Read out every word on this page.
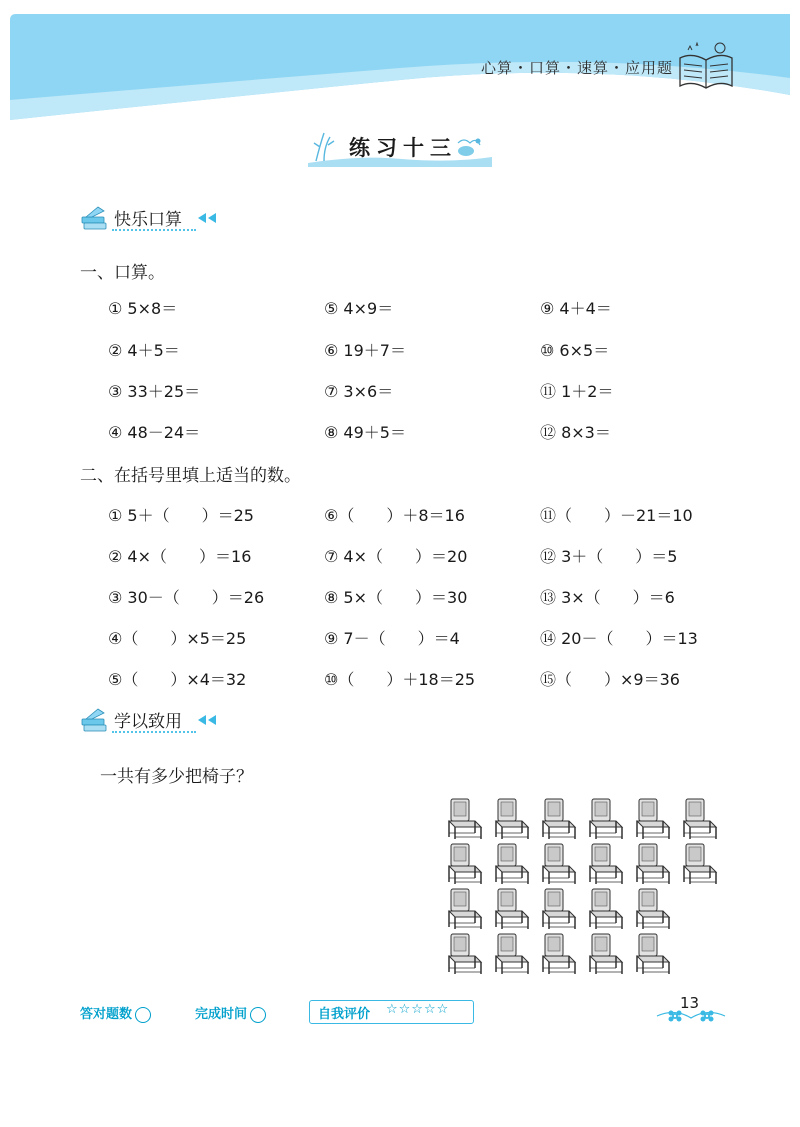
心算・口算・速算・应用题
练习十三
快乐口算
一、口算。
① 5×8＝	⑤ 4×9＝	⑨ 4＋4＝
② 4＋5＝	⑥ 19＋7＝	⑩ 6×5＝
③ 33＋25＝	⑦ 3×6＝	⑪ 1＋2＝
④ 48－24＝	⑧ 49＋5＝	⑫ 8×3＝
二、在括号里填上适当的数。
① 5＋（　　）＝25	⑥（　　）＋8＝16	⑪（　　）－21＝10
② 4×（　　）＝16	⑦ 4×（　　）＝20	⑫ 3＋（　　）＝5
③ 30－（　　）＝26	⑧ 5×（　　）＝30	⑬ 3×（　　）＝6
④（　　）×5＝25	⑨ 7－（　　）＝4	⑭ 20－（　　）＝13
⑤（　　）×4＝32	⑩（　　）＋18＝25	⑮（　　）×9＝36
学以致用
一共有多少把椅子？
答对题数	完成时间	自我评价 ☆☆☆☆☆	13
